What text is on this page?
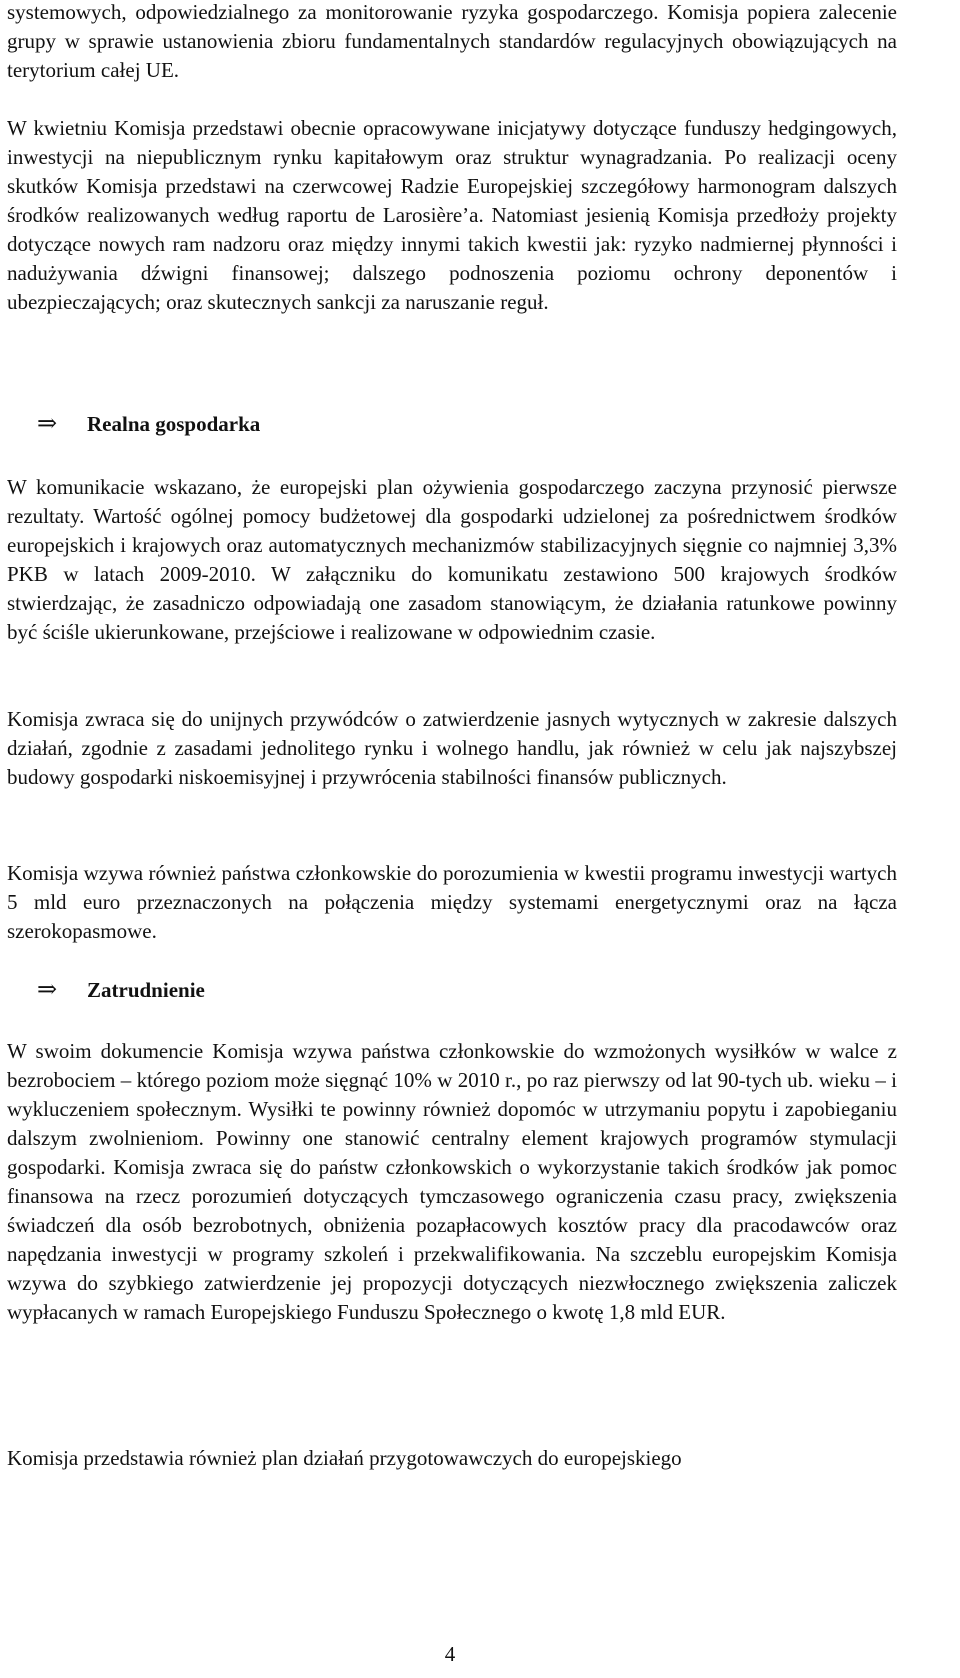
systemowych, odpowiedzialnego za monitorowanie ryzyka gospodarczego. Komisja popiera zalecenie grupy w sprawie ustanowienia zbioru fundamentalnych standardów regulacyjnych obowiązujących na terytorium całej UE.

W kwietniu Komisja przedstawi obecnie opracowywane inicjatywy dotyczące funduszy hedgingowych, inwestycji na niepublicznym rynku kapitałowym oraz struktur wynagradzania. Po realizacji oceny skutków Komisja przedstawi na czerwcowej Radzie Europejskiej szczegółowy harmonogram dalszych środków realizowanych według raportu de Larosière’a. Natomiast jesienią Komisja przedłoży projekty dotyczące nowych ram nadzoru oraz między innymi takich kwestii jak: ryzyko nadmiernej płynności i nadużywania dźwigni finansowej; dalszego podnoszenia poziomu ochrony deponentów i ubezpieczających; oraz skutecznych sankcji za naruszanie reguł.

⇒	Realna gospodarka

W komunikacie wskazano, że europejski plan ożywienia gospodarczego zaczyna przynosić pierwsze rezultaty. Wartość ogólnej pomocy budżetowej dla gospodarki udzielonej za pośrednictwem środków europejskich i krajowych oraz automatycznych mechanizmów stabilizacyjnych sięgnie co najmniej 3,3% PKB w latach 2009-2010. W załączniku do komunikatu zestawiono 500 krajowych środków stwierdzając, że zasadniczo odpowiadają one zasadom stanowiącym, że działania ratunkowe powinny być ściśle ukierunkowane, przejściowe i realizowane w odpowiednim czasie.

Komisja zwraca się do unijnych przywódców o zatwierdzenie jasnych wytycznych w zakresie dalszych działań, zgodnie z zasadami jednolitego rynku i wolnego handlu, jak również w celu jak najszybszej budowy gospodarki niskoemisyjnej i przywrócenia stabilności finansów publicznych.

Komisja wzywa również państwa członkowskie do porozumienia w kwestii programu inwestycji wartych 5 mld euro przeznaczonych na połączenia między systemami energetycznymi oraz na łącza szerokopasmowe.

⇒	Zatrudnienie

W swoim dokumencie Komisja wzywa państwa członkowskie do wzmożonych wysiłków w walce z bezrobociem – którego poziom może sięgnąć 10% w 2010 r., po raz pierwszy od lat 90-tych ub. wieku – i wykluczeniem społecznym. Wysiłki te powinny również dopomóc w utrzymaniu popytu i zapobieganiu dalszym zwolnieniom. Powinny one stanowić centralny element krajowych programów stymulacji gospodarki. Komisja zwraca się do państw członkowskich o wykorzystanie takich środków jak pomoc finansowa na rzecz porozumień dotyczących tymczasowego ograniczenia czasu pracy, zwiększenia świadczeń dla osób bezrobotnych, obniżenia pozapłacowych kosztów pracy dla pracodawców oraz napędzania inwestycji w programy szkoleń i przekwalifikowania. Na szczeblu europejskim Komisja wzywa do szybkiego zatwierdzenie jej propozycji dotyczących niezwłocznego zwiększenia zaliczek wypłacanych w ramach Europejskiego Funduszu Społecznego o kwotę 1,8 mld EUR.

Komisja przedstawia również plan działań przygotowawczych do europejskiego

4
